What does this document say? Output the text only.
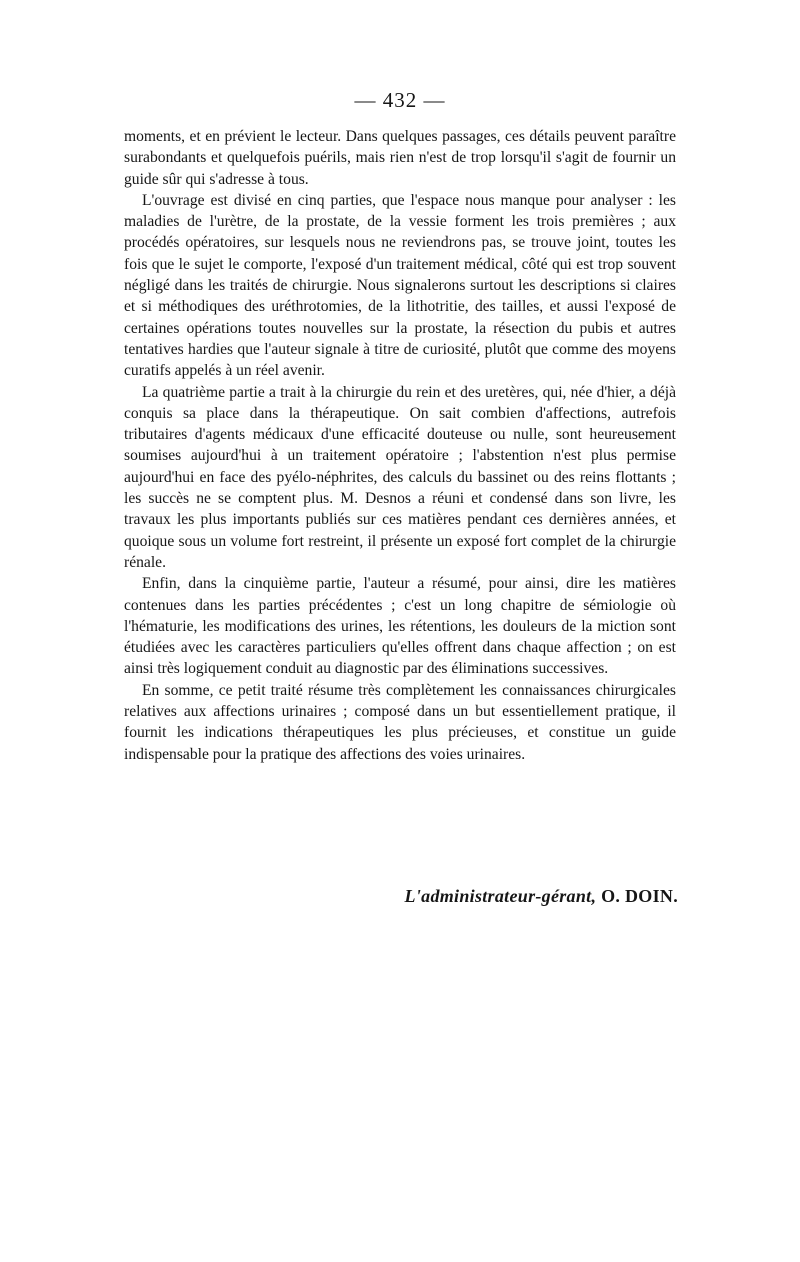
— 432 —

moments, et en prévient le lecteur. Dans quelques passages, ces détails peuvent paraître surabondants et quelquefois puérils, mais rien n'est de trop lorsqu'il s'agit de fournir un guide sûr qui s'adresse à tous.

L'ouvrage est divisé en cinq parties, que l'espace nous manque pour analyser : les maladies de l'urètre, de la prostate, de la vessie forment les trois premières ; aux procédés opératoires, sur lesquels nous ne reviendrons pas, se trouve joint, toutes les fois que le sujet le comporte, l'exposé d'un traitement médical, côté qui est trop souvent négligé dans les traités de chirurgie. Nous signalerons surtout les descriptions si claires et si méthodiques des uréthrotomies, de la lithotritie, des tailles, et aussi l'exposé de certaines opérations toutes nouvelles sur la prostate, la résection du pubis et autres tentatives hardies que l'auteur signale à titre de curiosité, plutôt que comme des moyens curatifs appelés à un réel avenir.

La quatrième partie a trait à la chirurgie du rein et des uretères, qui, née d'hier, a déjà conquis sa place dans la thérapeutique. On sait combien d'affections, autrefois tributaires d'agents médicaux d'une efficacité douteuse ou nulle, sont heureusement soumises aujourd'hui à un traitement opératoire ; l'abstention n'est plus permise aujourd'hui en face des pyélo-néphrites, des calculs du bassinet ou des reins flottants ; les succès ne se comptent plus. M. Desnos a réuni et condensé dans son livre, les travaux les plus importants publiés sur ces matières pendant ces dernières années, et quoique sous un volume fort restreint, il présente un exposé fort complet de la chirurgie rénale.

Enfin, dans la cinquième partie, l'auteur a résumé, pour ainsi, dire les matières contenues dans les parties précédentes ; c'est un long chapitre de sémiologie où l'hématurie, les modifications des urines, les rétentions, les douleurs de la miction sont étudiées avec les caractères particuliers qu'elles offrent dans chaque affection ; on est ainsi très logiquement conduit au diagnostic par des éliminations successives.

En somme, ce petit traité résume très complètement les connaissances chirurgicales relatives aux affections urinaires ; composé dans un but essentiellement pratique, il fournit les indications thérapeutiques les plus précieuses, et constitue un guide indispensable pour la pratique des affections des voies urinaires.

L'administrateur-gérant, O. DOIN.
